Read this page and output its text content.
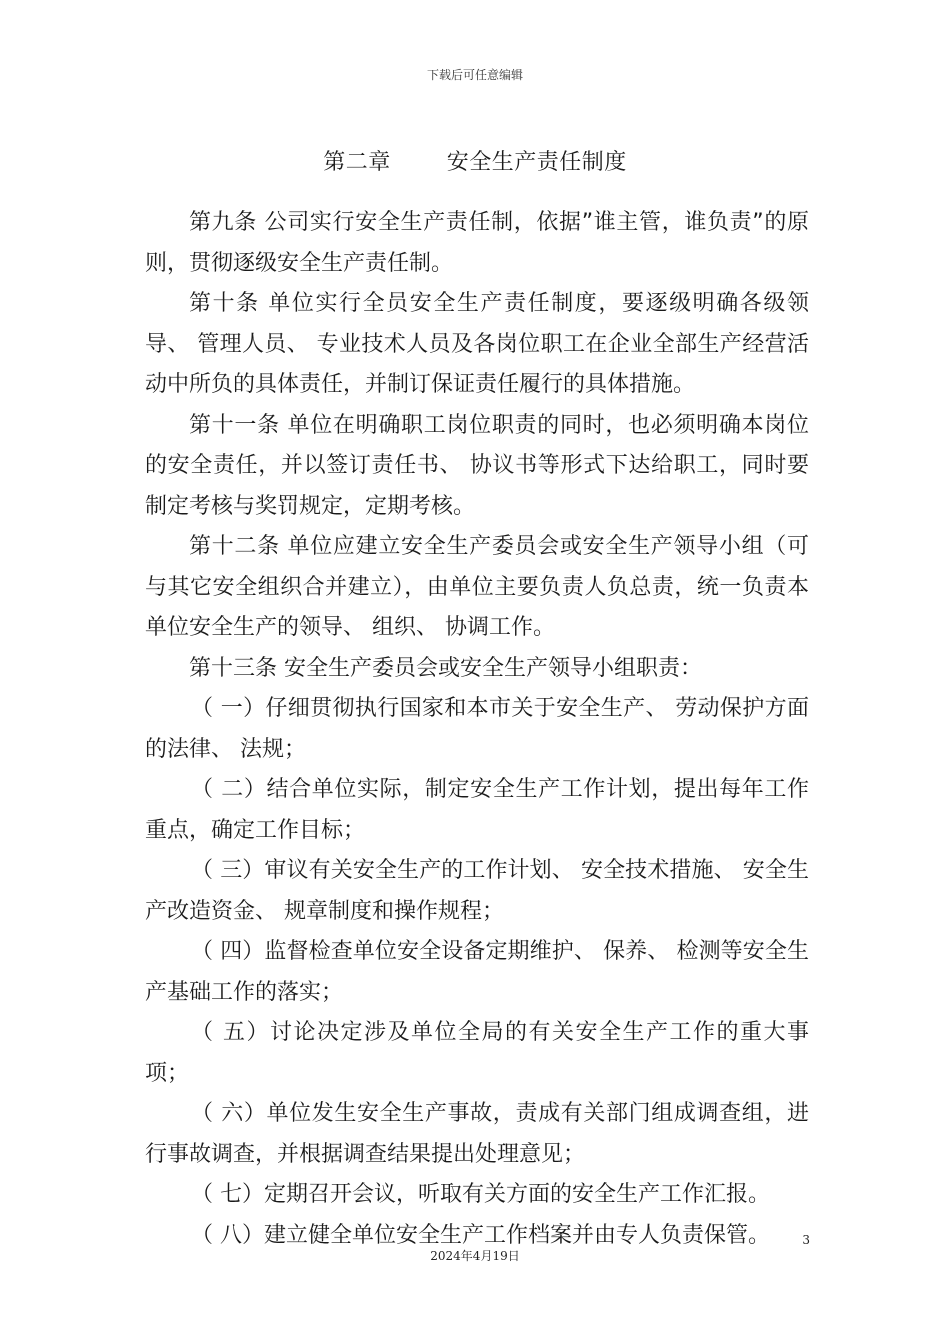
下载后可任意编辑
第二章	安全生产责任制度

第九条 公司实行安全生产责任制，依据”谁主管，谁负责”的原则，贯彻逐级安全生产责任制。

第十条 单位实行全员安全生产责任制度，要逐级明确各级领导、 管理人员、 专业技术人员及各岗位职工在企业全部生产经营活动中所负的具体责任，并制订保证责任履行的具体措施。

第十一条 单位在明确职工岗位职责的同时，也必须明确本岗位的安全责任，并以签订责任书、 协议书等形式下达给职工，同时要制定考核与奖罚规定，定期考核。

第十二条 单位应建立安全生产委员会或安全生产领导小组（可与其它安全组织合并建立），由单位主要负责人负总责，统一负责本单位安全生产的领导、 组织、 协调工作。

第十三条 安全生产委员会或安全生产领导小组职责：

（ 一）仔细贯彻执行国家和本市关于安全生产、 劳动保护方面的法律、 法规；

（ 二）结合单位实际，制定安全生产工作计划，提出每年工作重点，确定工作目标；

（ 三）审议有关安全生产的工作计划、 安全技术措施、 安全生产改造资金、 规章制度和操作规程；

（ 四）监督检查单位安全设备定期维护、 保养、 检测等安全生产基础工作的落实；

（ 五）讨论决定涉及单位全局的有关安全生产工作的重大事项；

（ 六）单位发生安全生产事故，责成有关部门组成调查组，进行事故调查，并根据调查结果提出处理意见；

（ 七）定期召开会议，听取有关方面的安全生产工作汇报。

（ 八）建立健全单位安全生产工作档案并由专人负责保管。	3
2024年4月19日
